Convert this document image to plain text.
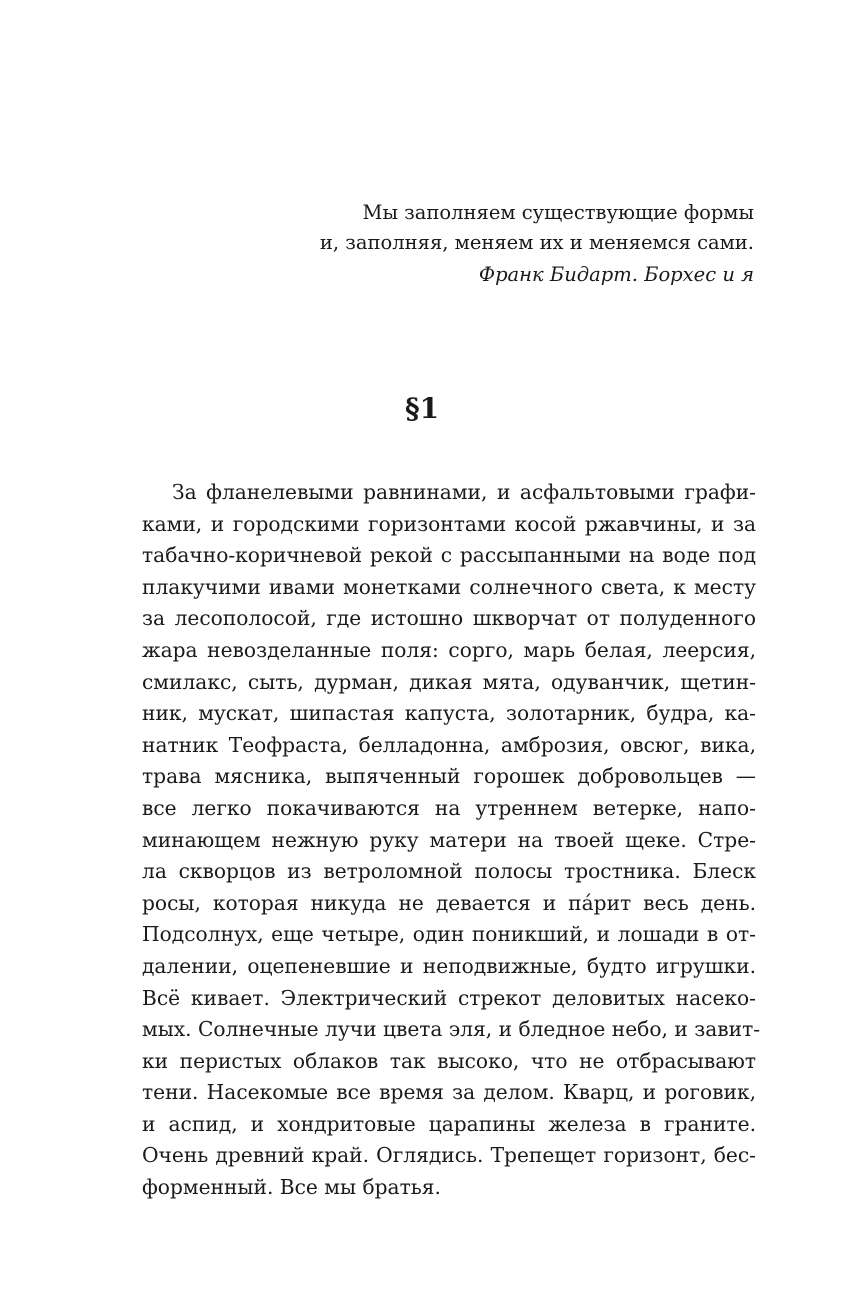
Мы заполняем существующие формы
и, заполняя, меняем их и меняемся сами.
Франк Бидарт. Борхес и я
§1
За фланелевыми равнинами, и асфальтовыми графи-
ками, и городскими горизонтами косой ржавчины, и за
табачно-коричневой рекой с рассыпанными на воде под
плакучими ивами монетками солнечного света, к месту
за лесополосой, где истошно шкворчат от полуденного
жара невозделанные поля: сорго, марь белая, леерсия,
смилакс, сыть, дурман, дикая мята, одуванчик, щетин-
ник, мускат, шипастая капуста, золотарник, будра, ка-
натник Теофраста, белладонна, амброзия, овсюг, вика,
трава мясника, выпяченный горошек добровольцев —
все легко покачиваются на утреннем ветерке, напо-
минающем нежную руку матери на твоей щеке. Стре-
ла скворцов из ветроломной полосы тростника. Блеск
росы, которая никуда не девается и пáрит весь день.
Подсолнух, еще четыре, один поникший, и лошади в от-
далении, оцепеневшие и неподвижные, будто игрушки.
Всё кивает. Электрический стрекот деловитых насеко-
мых. Солнечные лучи цвета эля, и бледное небо, и завит-
ки перистых облаков так высоко, что не отбрасывают
тени. Насекомые все время за делом. Кварц, и роговик,
и аспид, и хондритовые царапины железа в граните.
Очень древний край. Оглядись. Трепещет горизонт, бес-
форменный. Все мы братья.
